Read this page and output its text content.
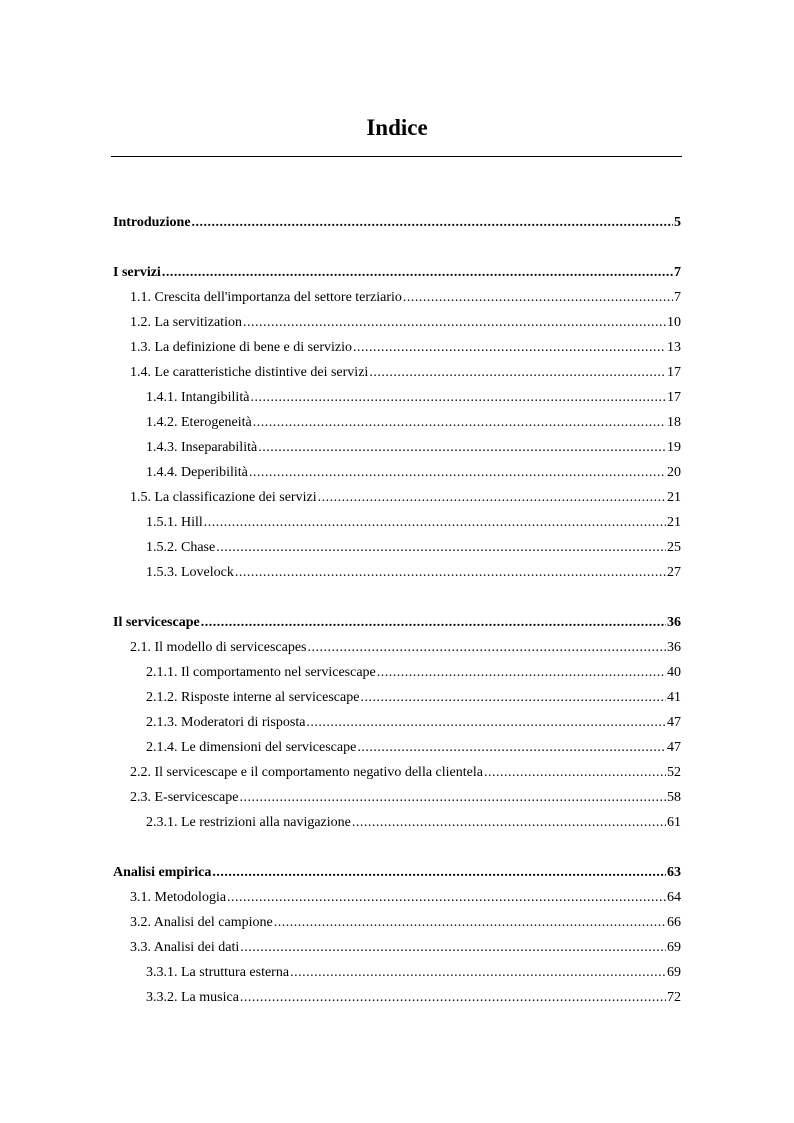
Indice
Introduzione .....	5
I servizi .....	7
1.1. Crescita dell'importanza del settore terziario .....	7
1.2. La servitization .....	10
1.3. La definizione di bene e di servizio .....	13
1.4. Le caratteristiche distintive dei servizi .....	17
1.4.1. Intangibilità .....	17
1.4.2. Eterogeneità .....	18
1.4.3. Inseparabilità .....	19
1.4.4. Deperibilità .....	20
1.5. La classificazione dei servizi .....	21
1.5.1. Hill .....	21
1.5.2. Chase .....	25
1.5.3. Lovelock .....	27
Il servicescape .....	36
2.1. Il modello di servicescapes .....	36
2.1.1. Il comportamento nel servicescape .....	40
2.1.2. Risposte interne al servicescape .....	41
2.1.3. Moderatori di risposta .....	47
2.1.4. Le dimensioni del servicescape .....	47
2.2. Il servicescape e il comportamento negativo della clientela .....	52
2.3. E-servicescape .....	58
2.3.1. Le restrizioni alla navigazione .....	61
Analisi empirica .....	63
3.1. Metodologia .....	64
3.2. Analisi del campione .....	66
3.3. Analisi dei dati .....	69
3.3.1. La struttura esterna .....	69
3.3.2. La musica .....	72
